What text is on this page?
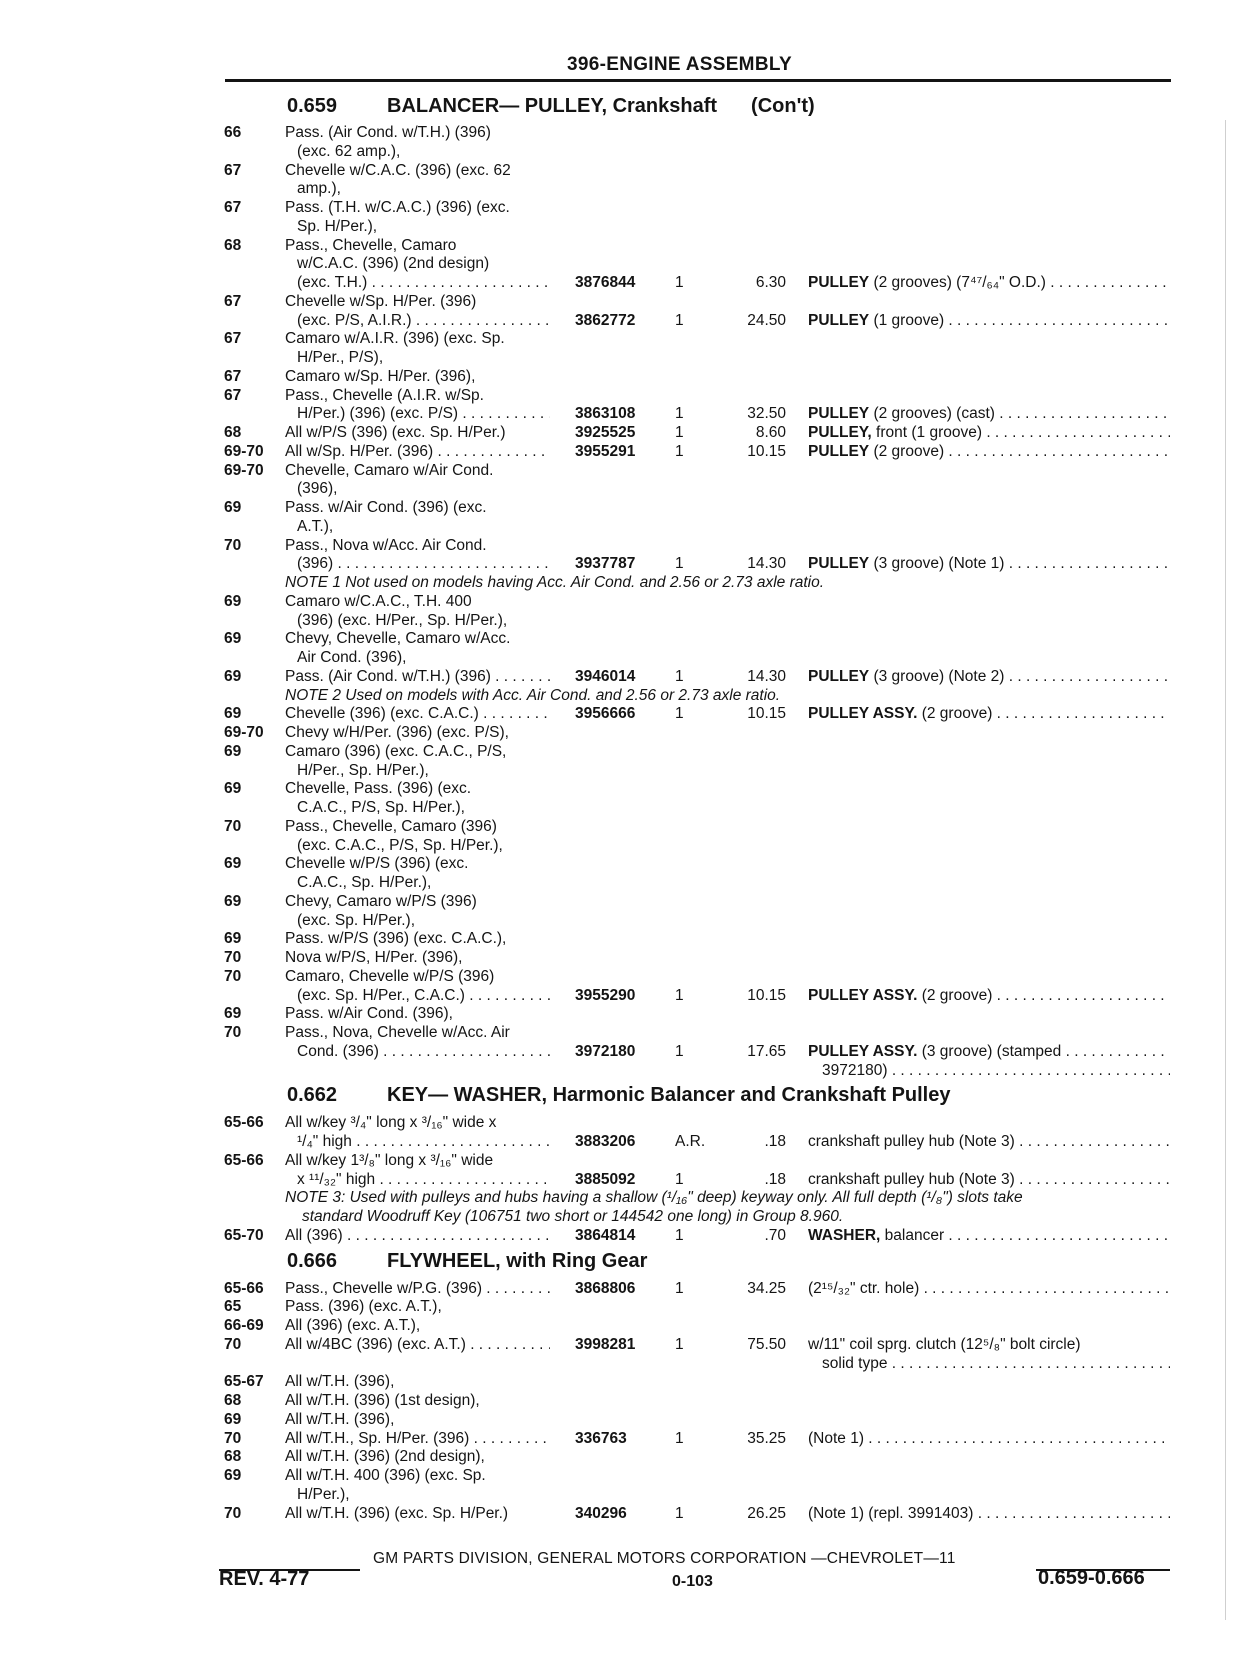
396-ENGINE ASSEMBLY
0.659 BALANCER— PULLEY, Crankshaft (Con't)
66	Pass. (Air Cond. w/T.H.) (396)
(exc. 62 amp.),
67	Chevelle w/C.A.C. (396) (exc. 62
amp.),
67	Pass. (T.H. w/C.A.C.) (396) (exc.
Sp. H/Per.),
68	Pass., Chevelle, Camaro
w/C.A.C. (396) (2nd design)
(exc. T.H.) . . .	3876844	1	6.30 PULLEY (2 grooves) (7⁴⁷/₆₄" O.D.) . . .
67	Chevelle w/Sp. H/Per. (396)
(exc. P/S, A.I.R.) . . .	3862772	1	24.50 PULLEY (1 groove) . . .
67	Camaro w/A.I.R. (396) (exc. Sp.
H/Per., P/S),
67	Camaro w/Sp. H/Per. (396),
67	Pass., Chevelle (A.I.R. w/Sp.
H/Per.) (396) (exc. P/S) . . .	3863108	1	32.50 PULLEY (2 grooves) (cast) . . .
68	All w/P/S (396) (exc. Sp. H/Per.)	3925525	1	8.60 PULLEY, front (1 groove) . . .
69-70 All w/Sp. H/Per. (396) . . .	3955291	1	10.15 PULLEY (2 groove) . . .
69-70 Chevelle, Camaro w/Air Cond.
(396),
69	Pass. w/Air Cond. (396) (exc.
A.T.),
70	Pass., Nova w/Acc. Air Cond.
(396) . . .	3937787	1	14.30 PULLEY (3 groove) (Note 1) . . .
NOTE 1 Not used on models having Acc. Air Cond. and 2.56 or 2.73 axle ratio.
69	Camaro w/C.A.C., T.H. 400
(396) (exc. H/Per., Sp. H/Per.),
69	Chevy, Chevelle, Camaro w/Acc.
Air Cond. (396),
69	Pass. (Air Cond. w/T.H.) (396) . . .	3946014	1	14.30 PULLEY (3 groove) (Note 2) . . .
NOTE 2 Used on models with Acc. Air Cond. and 2.56 or 2.73 axle ratio.
69	Chevelle (396) (exc. C.A.C.) . . .	3956666	1	10.15 PULLEY ASSY. (2 groove) . . .
69-70 Chevy w/H/Per. (396) (exc. P/S),
69	Camaro (396) (exc. C.A.C., P/S,
H/Per., Sp. H/Per.),
69	Chevelle, Pass. (396) (exc.
C.A.C., P/S, Sp. H/Per.),
70	Pass., Chevelle, Camaro (396)
(exc. C.A.C., P/S, Sp. H/Per.),
69	Chevelle w/P/S (396) (exc.
C.A.C., Sp. H/Per.),
69	Chevy, Camaro w/P/S (396)
(exc. Sp. H/Per.),
69	Pass. w/P/S (396) (exc. C.A.C.),
70	Nova w/P/S, H/Per. (396),
70	Camaro, Chevelle w/P/S (396)
(exc. Sp. H/Per., C.A.C.) . . .	3955290	1	10.15 PULLEY ASSY. (2 groove) . . .
69	Pass. w/Air Cond. (396),
70	Pass., Nova, Chevelle w/Acc. Air
Cond. (396) . . .	3972180	1	17.65 PULLEY ASSY. (3 groove) (stamped . . .
3972180) . . .
0.662 KEY— WASHER, Harmonic Balancer and Crankshaft Pulley
65-66 All w/key ³/₄" long x ³/₁₆" wide x
¹/₄" high . . .	3883206	A.R.	.18 crankshaft pulley hub (Note 3) . . .
65-66 All w/key 1³/₈" long x ³/₁₆" wide
x ¹¹/₃₂" high . . .	3885092	1	.18 crankshaft pulley hub (Note 3) . . .
NOTE 3: Used with pulleys and hubs having a shallow (¹/₁₆" deep) keyway only. All full depth (¹/₈") slots take
standard Woodruff Key (106751 two short or 144542 one long) in Group 8.960.
65-70 All (396) . . .	3864814	1	.70 WASHER, balancer . . .
0.666 FLYWHEEL, with Ring Gear
65-66 Pass., Chevelle w/P.G. (396) . . .	3868806	1	34.25 (2¹⁵/₃₂" ctr. hole) . . .
65	Pass. (396) (exc. A.T.),
66-69 All (396) (exc. A.T.),
70	All w/4BC (396) (exc. A.T.) . . .	3998281	1	75.50 w/11" coil sprg. clutch (12⁵/₈" bolt circle)
solid type . . .
65-67 All w/T.H. (396),
68	All w/T.H. (396) (1st design),
69	All w/T.H. (396),
70	All w/T.H., Sp. H/Per. (396) . . .	336763	1	35.25 (Note 1) . . .
68	All w/T.H. (396) (2nd design),
69	All w/T.H. 400 (396) (exc. Sp.
H/Per.),
70	All w/T.H. (396) (exc. Sp. H/Per.)	340296	1	26.25 (Note 1) (repl. 3991403) . . .
GM PARTS DIVISION, GENERAL MOTORS CORPORATION —CHEVROLET—11
REV. 4-77	0-103	0.659-0.666
